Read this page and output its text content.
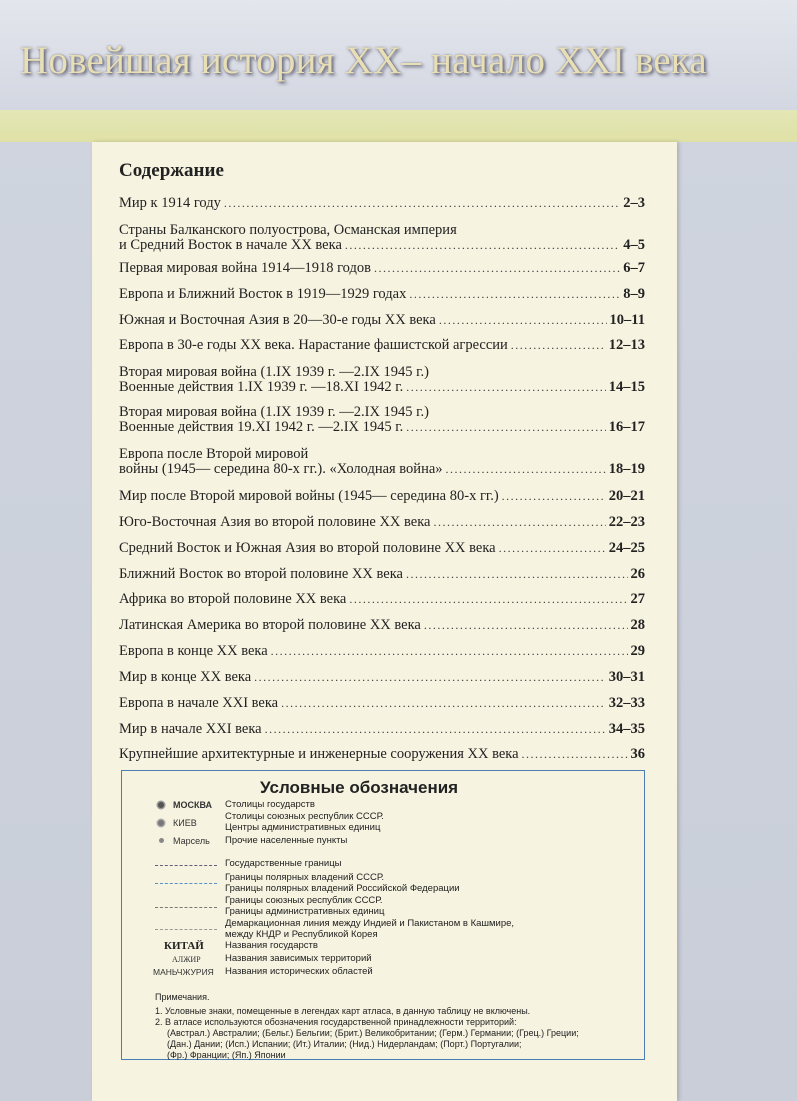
Новейшая история XX– начало XXI века
Содержание
Мир к 1914 году .....	2–3
Страны Балканского полуострова, Османская империя
и Средний Восток в начале XX века .....	4–5
Первая мировая война 1914—1918 годов .....	6–7
Европа и Ближний Восток в 1919—1929 годах .....	8–9
Южная и Восточная Азия в 20—30-е годы XX века .....	10–11
Европа в 30-е годы XX века. Нарастание фашистской агрессии .....	12–13
Вторая мировая война (1.IX 1939 г. —2.IX 1945 г.)
Военные действия 1.IX 1939 г. —18.XI 1942 г. .....	14–15
Вторая мировая война (1.IX 1939 г. —2.IX 1945 г.)
Военные действия 19.XI 1942 г. —2.IX 1945 г. .....	16–17
Европа после Второй мировой
войны (1945— середина 80-х гг.). «Холодная война» .....	18–19
Мир после Второй мировой войны (1945— середина 80-х гг.) .....	20–21
Юго-Восточная Азия во второй половине XX века .....	22–23
Средний Восток и Южная Азия во второй половине XX века .....	24–25
Ближний Восток во второй половине XX века .....	26
Африка во второй половине XX века .....	27
Латинская Америка во второй половине XX века .....	28
Европа в конце XX века .....	29
Мир в конце XX века .....	30–31
Европа в начале XXI века .....	32–33
Мир в начале XXI века .....	34–35
Крупнейшие архитектурные и инженерные сооружения XX века .....	36
Условные обозначения
МОСКВА Столицы государств
КИЕВ
Столицы союзных республик СССР.
Центры административных единиц
Марсель Прочие населенные пункты
Государственные границы
Границы полярных владений СССР.
Границы полярных владений Российской Федерации
Границы союзных республик СССР.
Границы административных единиц
Демаркационная линия между Индией и Пакистаном в Кашмире,
между КНДР и Республикой Корея
КИТАЙ Названия государств
АЛЖИР	Названия зависимых территорий
МАНЬЧЖУРИЯ Названия исторических областей
Примечания.
1. Условные знаки, помещенные в легендах карт атласа, в данную таблицу не включены.
2. В атласе используются обозначения государственной принадлежности территорий:
(Австрал.) Австралии; (Бельг.) Бельгии; (Брит.) Великобритании; (Герм.) Германии; (Грец.) Греции;
(Дан.) Дании; (Исп.) Испании; (Ит.) Италии; (Нид.) Нидерландам; (Порт.) Португалии;
(Фр.) Франции; (Яп.) Японии
